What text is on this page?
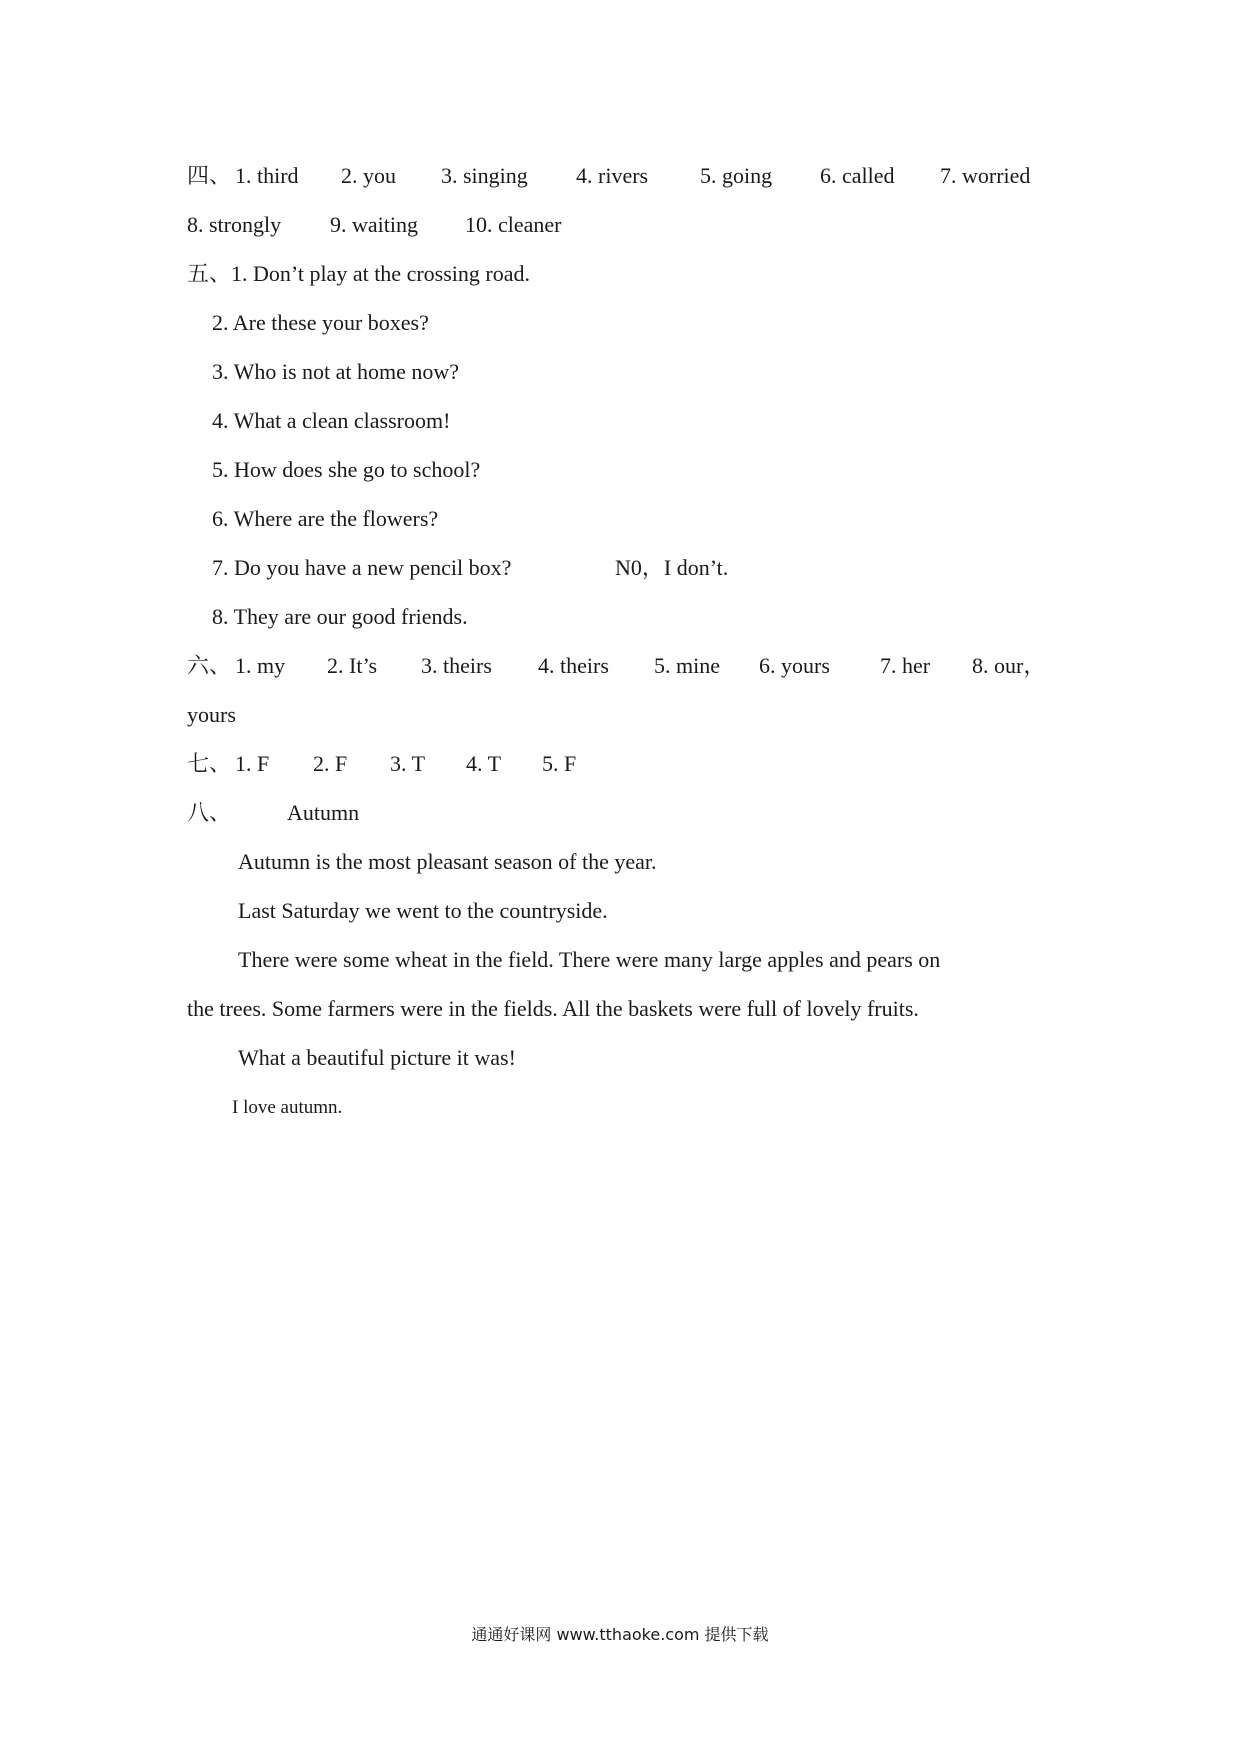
四、 1. third 2. you 3. singing 4. rivers 5. going 6. called 7. worried
8. strongly 9. waiting 10. cleaner
五、1. Don’t play at the crossing road.
2. Are these your boxes?
3. Who is not at home now?
4. What a clean classroom!
5. How does she go to school?
6. Where are the flowers?
7. Do you have a new pencil box?	N0，I don’t.
8. They are our good friends.
六、 1. my 2. It’s 3. theirs 4. theirs 5. mine 6. yours 7. her 8. our，
yours
七、 1. F 2. F 3. T 4. T 5. F
八、	Autumn
Autumn is the most pleasant season of the year.
Last Saturday we went to the countryside.
There were some wheat in the field. There were many large apples and pears on
the trees. Some farmers were in the fields. All the baskets were full of lovely fruits.
What a beautiful picture it was!
I love autumn.
通通好课网 www.tthaoke.com 提供下载
